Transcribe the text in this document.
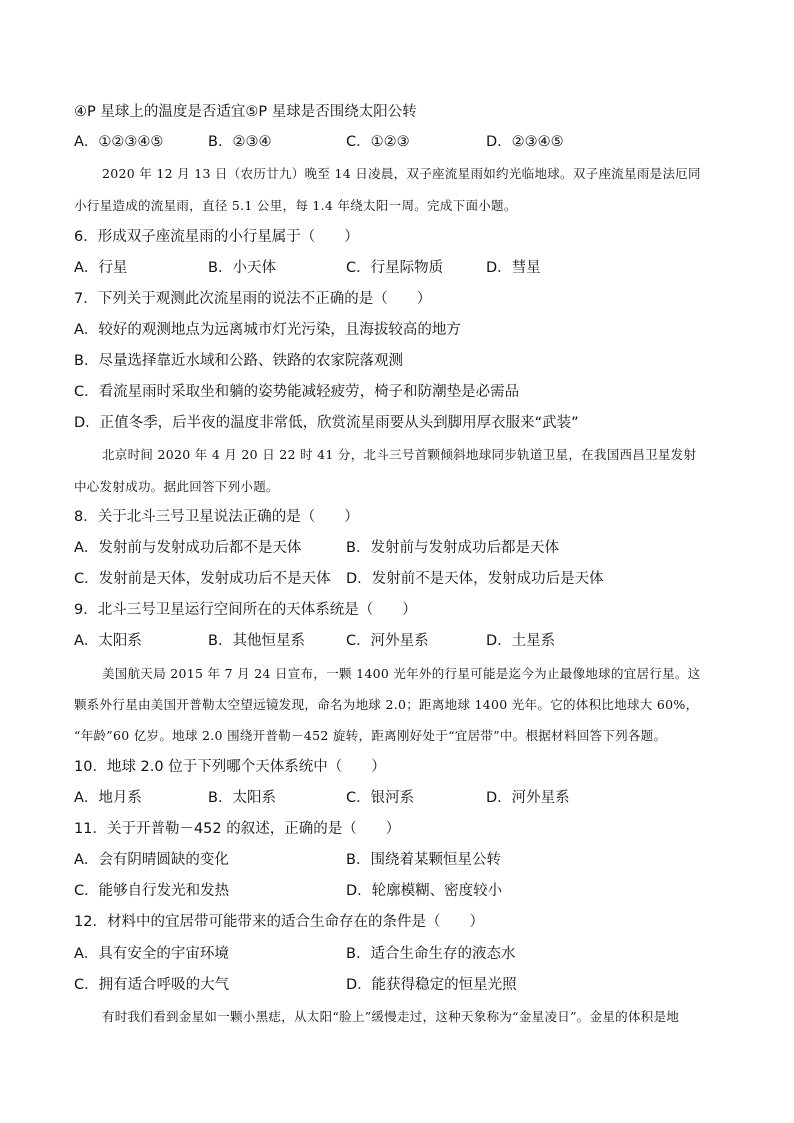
④P 星球上的温度是否适宜⑤P 星球是否围绕太阳公转
A．①②③④⑤	B．②③④	C．①②③	D．②③④⑤
2020 年 12 月 13 日（农历廿九）晚至 14 日凌晨，双子座流星雨如约光临地球。双子座流星雨是法厄同
小行星造成的流星雨，直径 5.1 公里，每 1.4 年绕太阳一周。完成下面小题。
6．形成双子座流星雨的小行星属于（　　）
A．行星	B．小天体	C．行星际物质	D．彗星
7．下列关于观测此次流星雨的说法不正确的是（　　）
A．较好的观测地点为远离城市灯光污染，且海拔较高的地方
B．尽量选择靠近水域和公路、铁路的农家院落观测
C．看流星雨时采取坐和躺的姿势能减轻疲劳，椅子和防潮垫是必需品
D．正值冬季，后半夜的温度非常低，欣赏流星雨要从头到脚用厚衣服来“武装”
北京时间 2020 年 4 月 20 日 22 时 41 分，北斗三号首颗倾斜地球同步轨道卫星，在我国西昌卫星发射
中心发射成功。据此回答下列小题。
8．关于北斗三号卫星说法正确的是（　　）
A．发射前与发射成功后都不是天体	B．发射前与发射成功后都是天体
C．发射前是天体，发射成功后不是天体 D．发射前不是天体，发射成功后是天体
9．北斗三号卫星运行空间所在的天体系统是（　　）
A．太阳系	B．其他恒星系	C．河外星系	D．土星系
美国航天局 2015 年 7 月 24 日宣布，一颗 1400 光年外的行星可能是迄今为止最像地球的宜居行星。这
颗系外行星由美国开普勒太空望远镜发现，命名为地球 2.0；距离地球 1400 光年。它的体积比地球大 60%，
“年龄”60 亿岁。地球 2.0 围绕开普勒－452 旋转，距离刚好处于“宜居带”中。根据材料回答下列各题。
10．地球 2.0 位于下列哪个天体系统中（　　）
A．地月系	B．太阳系	C．银河系	D．河外星系
11．关于开普勒－452 的叙述，正确的是（　　）
A．会有阴晴圆缺的变化	B．围绕着某颗恒星公转
C．能够自行发光和发热	D．轮廓模糊、密度较小
12．材料中的宜居带可能带来的适合生命存在的条件是（　　）
A．具有安全的宇宙环境	B．适合生命生存的液态水
C．拥有适合呼吸的大气	D．能获得稳定的恒星光照
有时我们看到金星如一颗小黑痣，从太阳“脸上”缓慢走过，这种天象称为“金星凌日”。金星的体积是地
